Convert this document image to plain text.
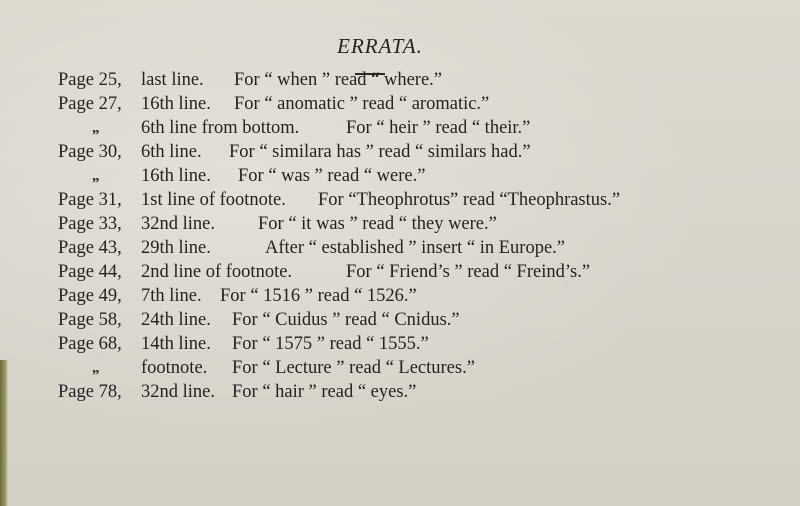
ERRATA.
Page 25, last line. For “ when ” read “ where.”
Page 27, 16th line. For “ anomatic ” read “ aromatic.”
„ 6th line from bottom.	For “ heir ” read “ their.”
Page 30, 6th line. For “ similara has ” read “ similars had.”
„ 16th line. For “ was ” read “ were.”
Page 31, 1st line of footnote. For “Theophrotus” read “Theophrastus.”
Page 33, 32nd line. For “ it was ” read “ they were.”
Page 43, 29th line.	After “ established ” insert “ in Europe.”
Page 44, 2nd line of footnote.	For “ Friend’s ” read “ Freind’s.”
Page 49, 7th line. For “ 1516 ” read “ 1526.”
Page 58, 24th line. For “ Cuidus ” read “ Cnidus.”
Page 68, 14th line. For “ 1575 ” read “ 1555.”
„ footnote. For “ Lecture ” read “ Lectures.”
Page 78, 32nd line. For “ hair ” read “ eyes.”
